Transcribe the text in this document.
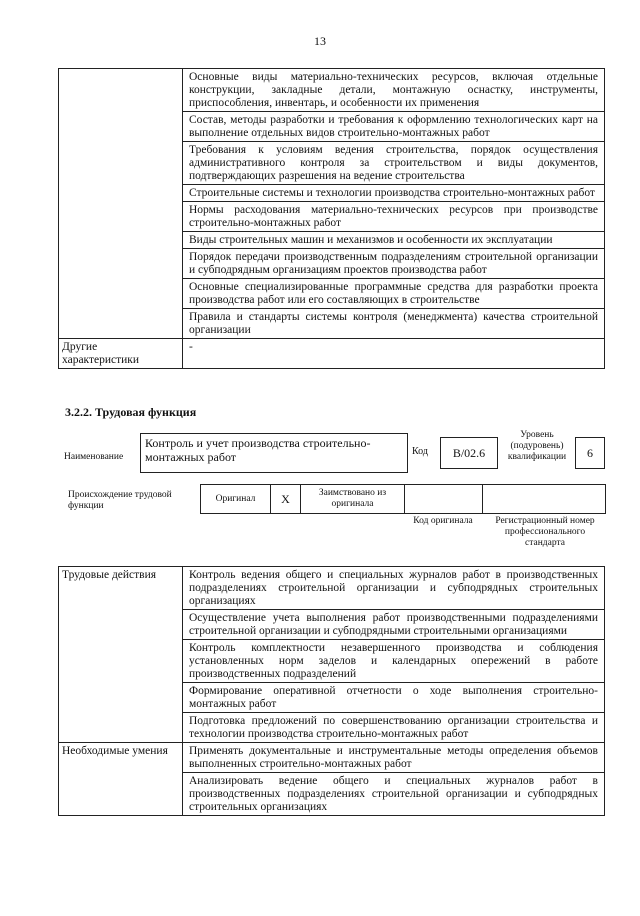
13
	Основные виды материально-технических ресурсов, включая отдельные конструкции, закладные детали, монтажную оснастку, инструменты, приспособления, инвентарь, и особенности их применения
	Состав, методы разработки и требования к оформлению технологических карт на выполнение отдельных видов строительно-монтажных работ
	Требования к условиям ведения строительства, порядок осуществления административного контроля за строительством и виды документов, подтверждающих разрешения на ведение строительства
	Строительные системы и технологии производства строительно-монтажных работ
	Нормы расходования материально-технических ресурсов при производстве строительно-монтажных работ
	Виды строительных машин и механизмов и особенности их эксплуатации
	Порядок передачи производственным подразделениям строительной организации и субподрядным организациям проектов производства работ
	Основные специализированные программные средства для разработки проекта производства работ или его составляющих в строительстве
	Правила и стандарты системы контроля (менеджмента) качества строительной организации
Другие характеристики	-
3.2.2. Трудовая функция
Наименование
Контроль и учет производства строительно-монтажных работ	Код	B/02.6
Уровень (подуровень) квалификации	6
Происхождение трудовой функции
Оригинал	X	Заимствовано из оригинала
Код оригинала	Регистрационный номер профессионального стандарта
Трудовые действия	Контроль ведения общего и специальных журналов работ в производственных подразделениях строительной организации и субподрядных строительных организациях
	Осуществление учета выполнения работ производственными подразделениями строительной организации и субподрядными строительными организациями
	Контроль комплектности незавершенного производства и соблюдения установленных норм заделов и календарных опережений в работе производственных подразделений
	Формирование оперативной отчетности о ходе выполнения строительно-монтажных работ
	Подготовка предложений по совершенствованию организации строительства и технологии производства строительно-монтажных работ
Необходимые умения	Применять документальные и инструментальные методы определения объемов выполненных строительно-монтажных работ
	Анализировать ведение общего и специальных журналов работ в производственных подразделениях строительной организации и субподрядных строительных организациях
